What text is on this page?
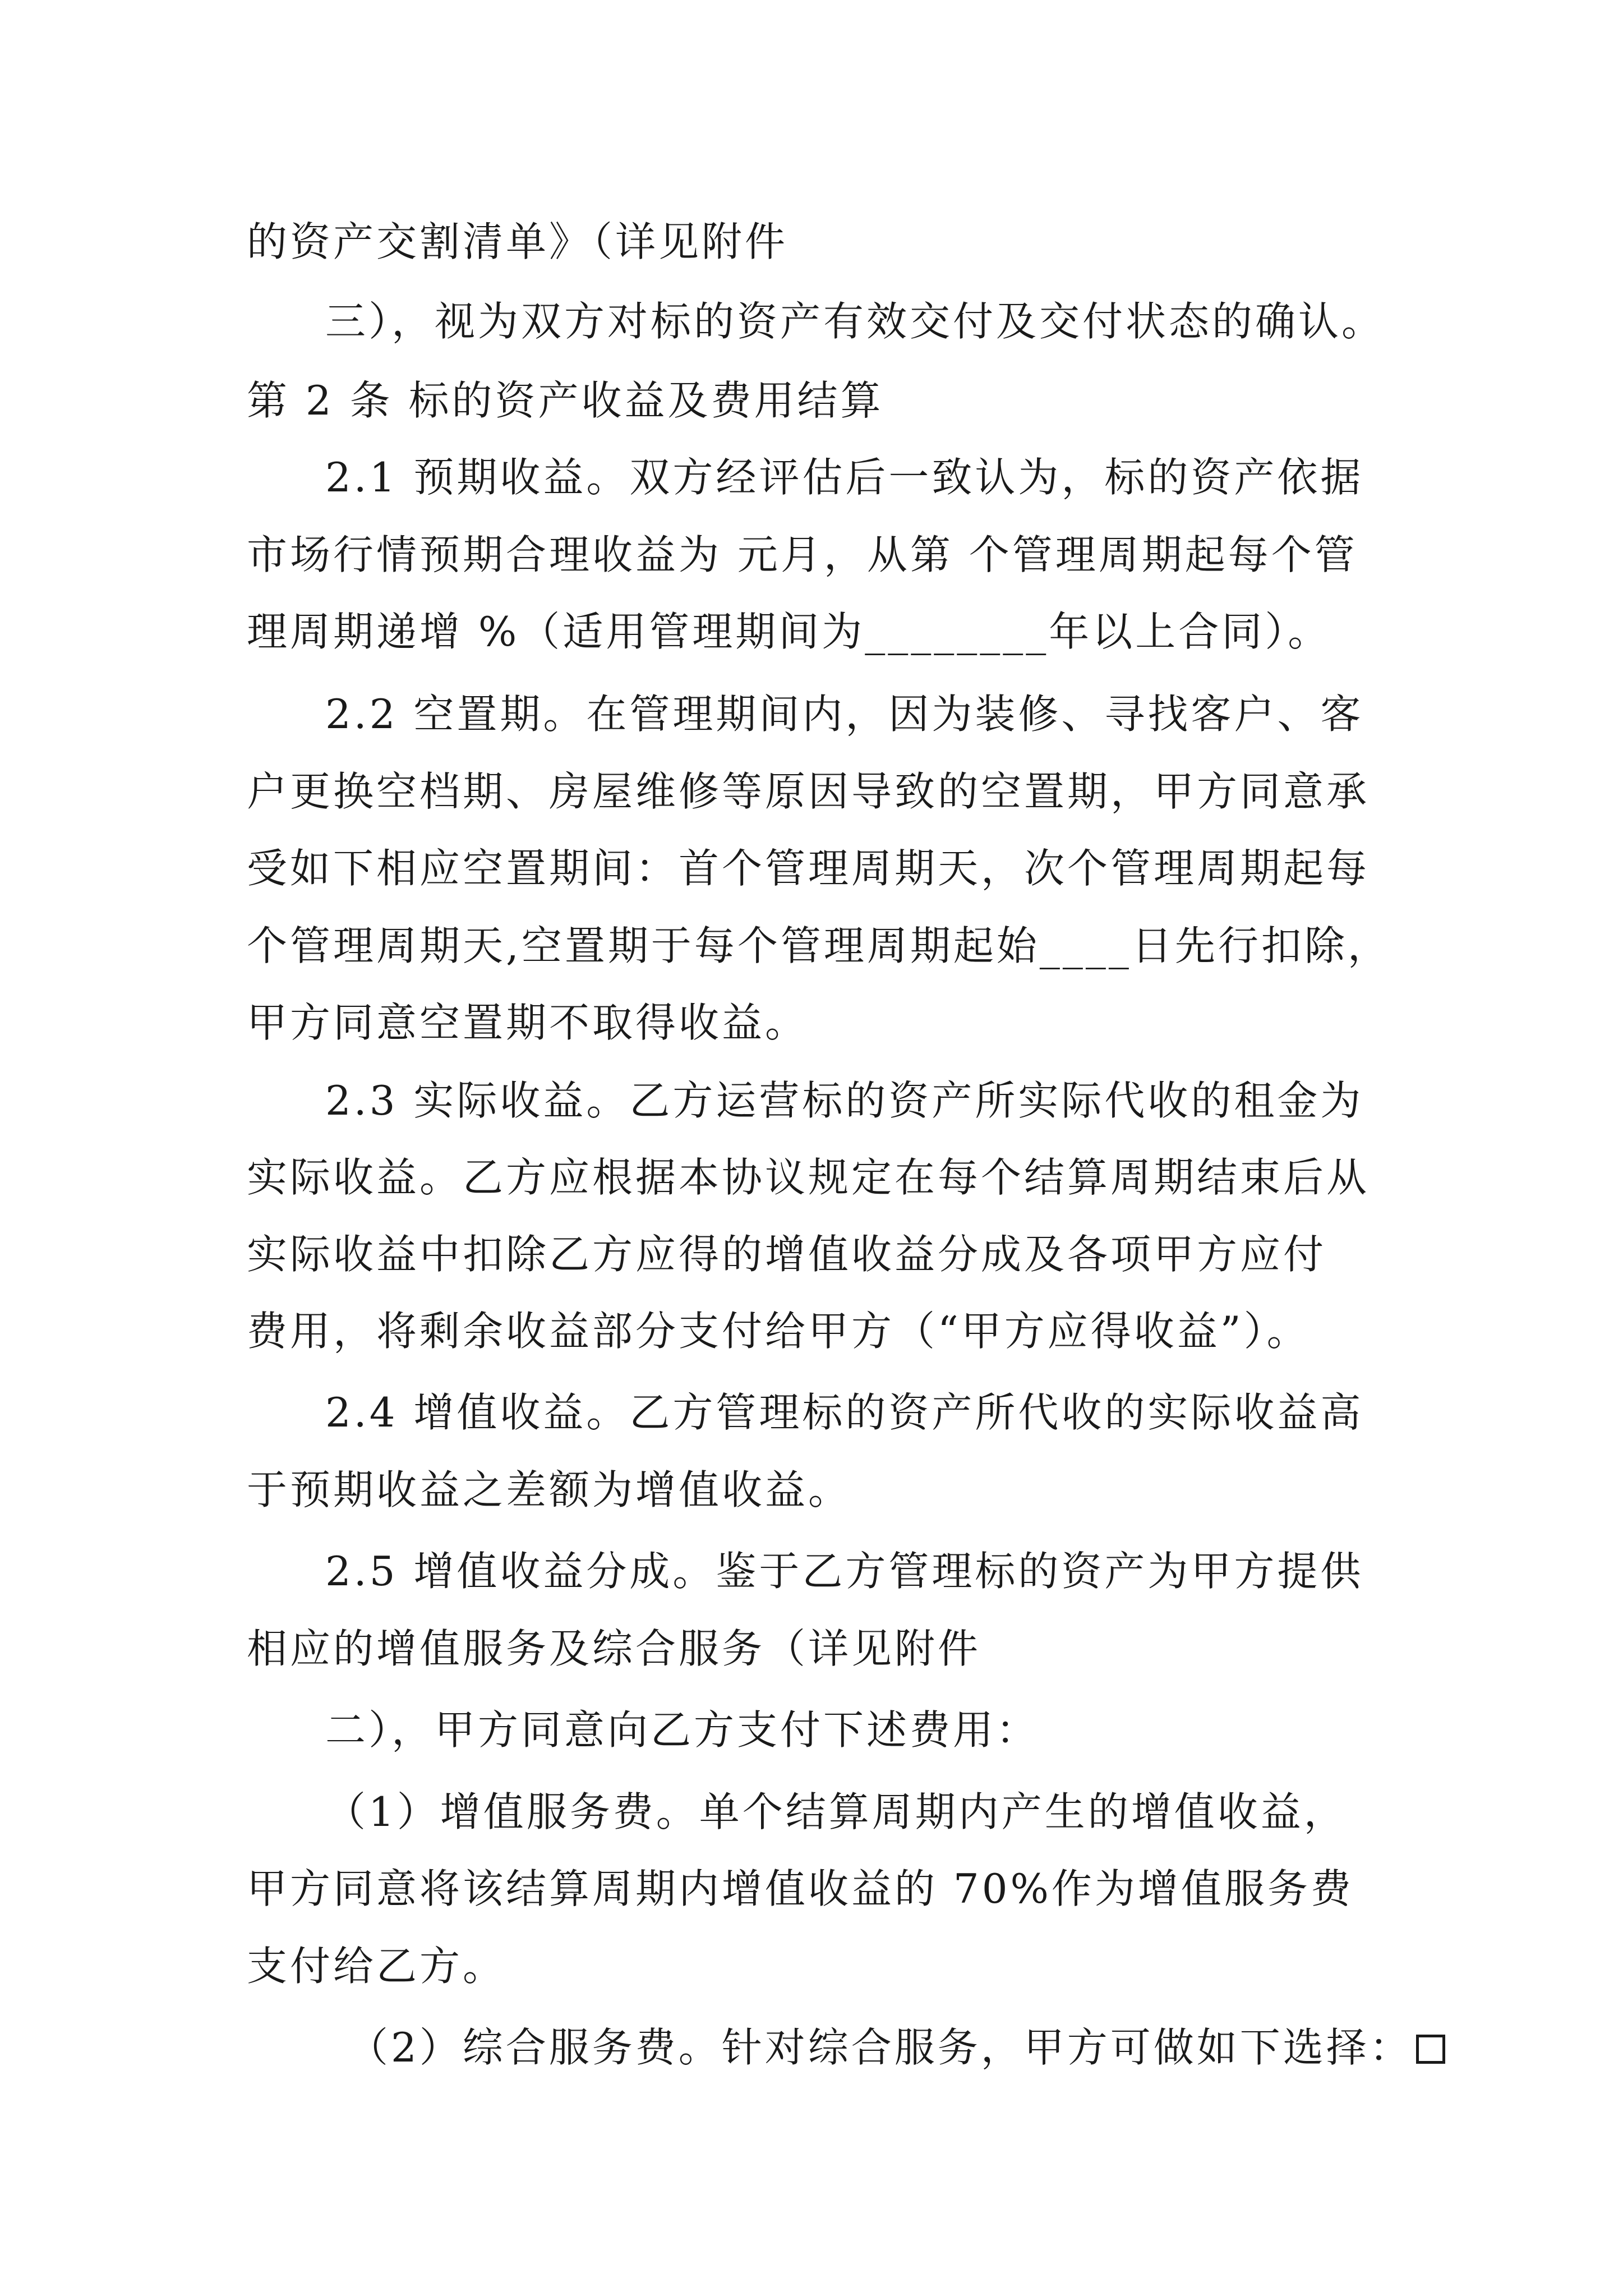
的资产交割清单》（详见附件
三），视为双方对标的资产有效交付及交付状态的确认。
第 2 条 标的资产收益及费用结算
2.1 预期收益。双方经评估后一致认为，标的资产依据
市场行情预期合理收益为 元月，从第 个管理周期起每个管
理周期递增 %（适用管理期间为________年以上合同）。
2.2 空置期。在管理期间内，因为装修、寻找客户、客
户更换空档期、房屋维修等原因导致的空置期，甲方同意承
受如下相应空置期间：首个管理周期天，次个管理周期起每
个管理周期天,空置期于每个管理周期起始____日先行扣除，
甲方同意空置期不取得收益。
2.3 实际收益。乙方运营标的资产所实际代收的租金为
实际收益。乙方应根据本协议规定在每个结算周期结束后从
实际收益中扣除乙方应得的增值收益分成及各项甲方应付
费用，将剩余收益部分支付给甲方（“甲方应得收益”）。
2.4 增值收益。乙方管理标的资产所代收的实际收益高
于预期收益之差额为增值收益。
2.5 增值收益分成。鉴于乙方管理标的资产为甲方提供
相应的增值服务及综合服务（详见附件
二），甲方同意向乙方支付下述费用：
（1）增值服务费。单个结算周期内产生的增值收益，
甲方同意将该结算周期内增值收益的 70%作为增值服务费
支付给乙方。
（2）综合服务费。针对综合服务，甲方可做如下选择：
